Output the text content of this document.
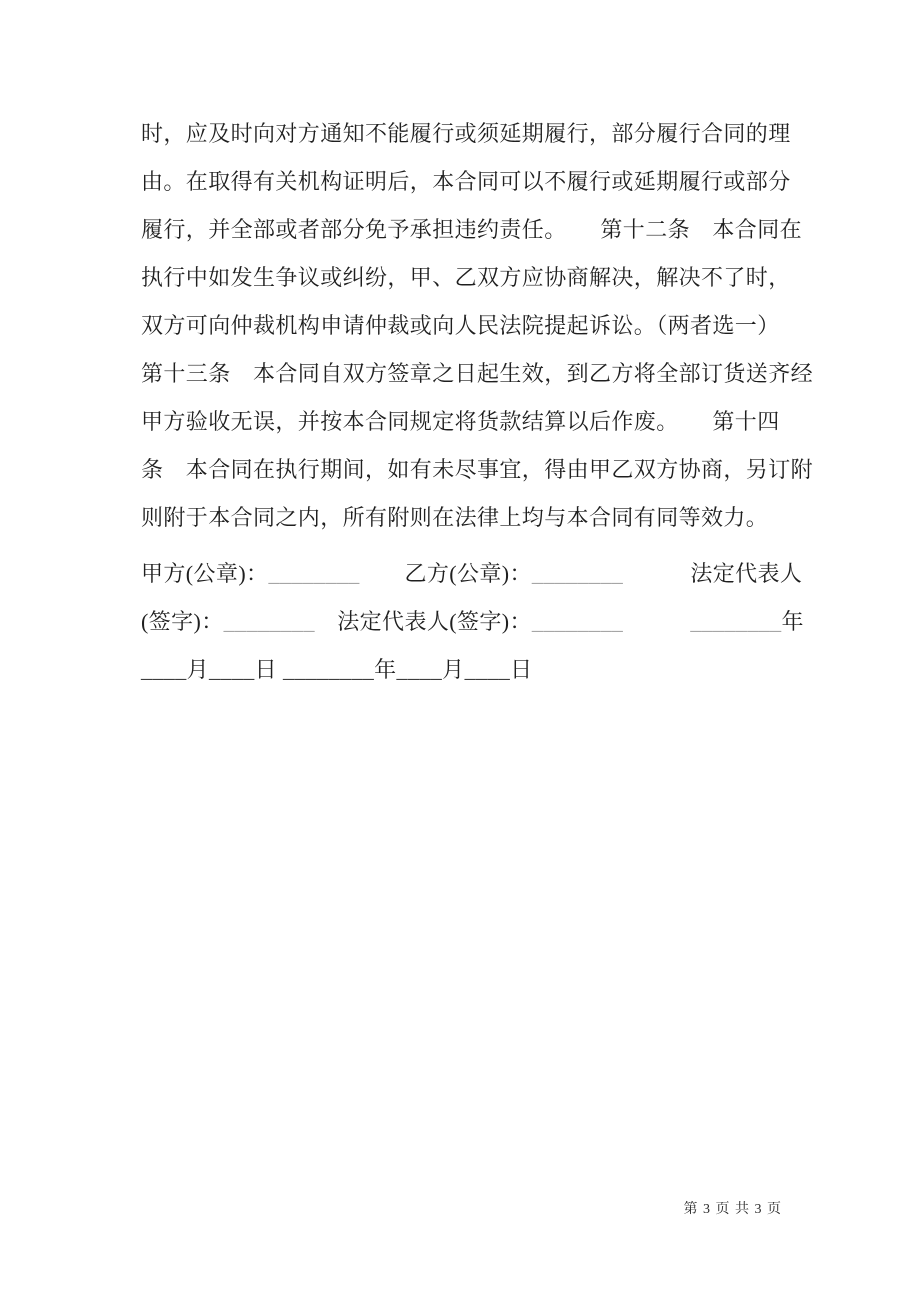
时，应及时向对方通知不能履行或须延期履行，部分履行合同的理
由。在取得有关机构证明后，本合同可以不履行或延期履行或部分
履行，并全部或者部分免予承担违约责任。　　第十二条　本合同在
执行中如发生争议或纠纷，甲、乙双方应协商解决，解决不了时，
双方可向仲裁机构申请仲裁或向人民法院提起诉讼。（两者选一）
第十三条　本合同自双方签章之日起生效，到乙方将全部订货送齐经
甲方验收无误，并按本合同规定将货款结算以后作废。　　第十四
条　本合同在执行期间，如有未尽事宜，得由甲乙双方协商，另订附
则附于本合同之内，所有附则在法律上均与本合同有同等效力。
甲方(公章)：________　　乙方(公章)：________　　　法定代表人
(签字)：________　法定代表人(签字)：________　　　	________年
____月____日 ________年____月____日
第 3 页 共 3 页
